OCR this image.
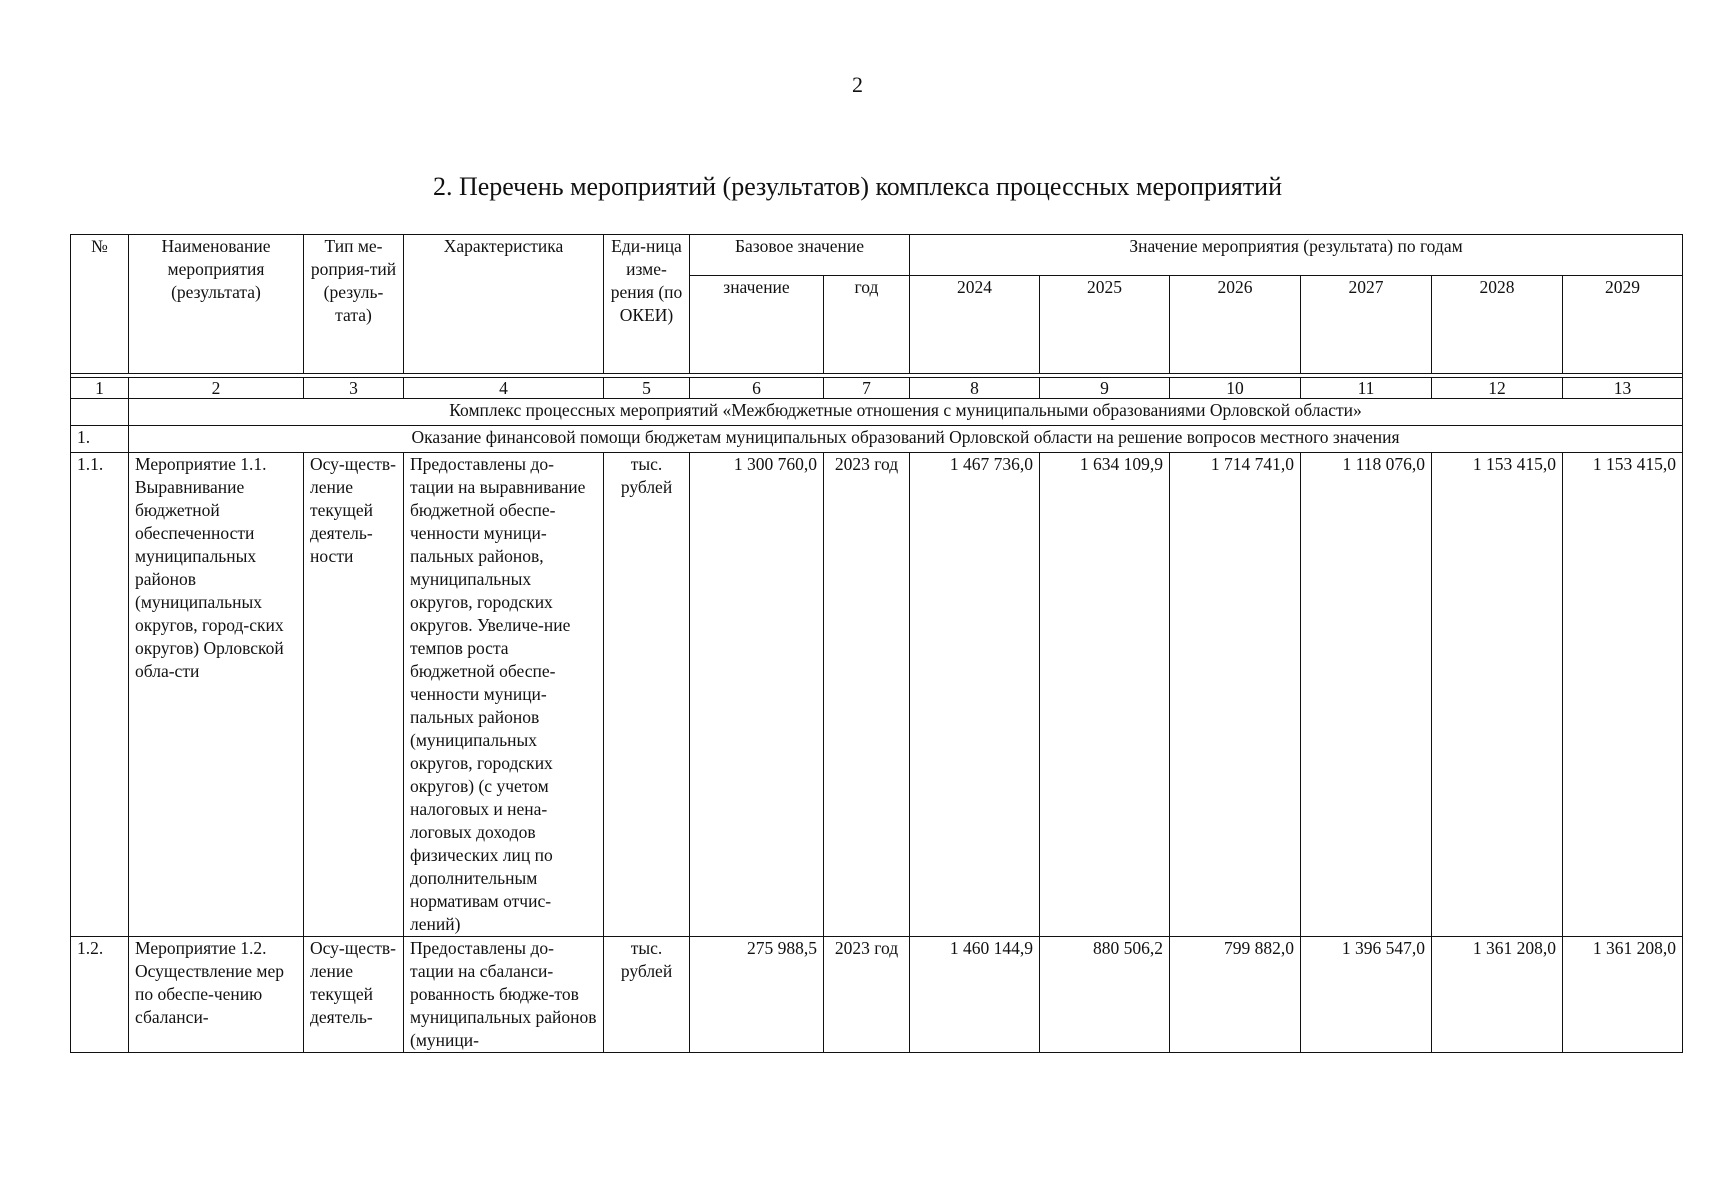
2
2. Перечень мероприятий (результатов) комплекса процессных мероприятий
№	Наименование мероприятия (результата)	Тип ме-роприя-тий (резуль-тата)	Характеристика	Еди-ница изме-рения (по ОКЕИ)	Базовое значение		Значение мероприятия (результата) по годам					
					значение	год	2024	2025	2026	2027	2028	2029

1	2	3	4	5	6	7	8	9	10	11	12	13
	Комплекс процессных мероприятий «Межбюджетные отношения с муниципальными образованиями Орловской области»											
1.	Оказание финансовой помощи бюджетам муниципальных образований Орловской области на решение вопросов местного значения											
1.1.	Мероприятие 1.1. Выравнивание бюджетной обеспеченности муниципальных районов (муниципальных округов, город-ских округов) Орловской обла-сти	Осу-ществ-ление текущей деятель-ности	Предоставлены до-тации на выравнивание бюджетной обеспе-ченности муници-пальных районов, муниципальных округов, городских округов. Увеличе-ние темпов роста бюджетной обеспе-ченности муници-пальных районов (муниципальных округов, городских округов) (с учетом налоговых и нена-логовых доходов физических лиц по дополнительным нормативам отчис-лений)	тыс. рублей	1 300 760,0	2023 год	1 467 736,0	1 634 109,9	1 714 741,0	1 118 076,0	1 153 415,0	1 153 415,0
1.2.	Мероприятие 1.2. Осуществление мер по обеспе-чению сбаланси-	Осу-ществ-ление текущей деятель-	Предоставлены до-тации на сбаланси-рованность бюдже-тов муниципальных районов (муници-	тыс. рублей	275 988,5	2023 год	1 460 144,9	880 506,2	799 882,0	1 396 547,0	1 361 208,0	1 361 208,0
